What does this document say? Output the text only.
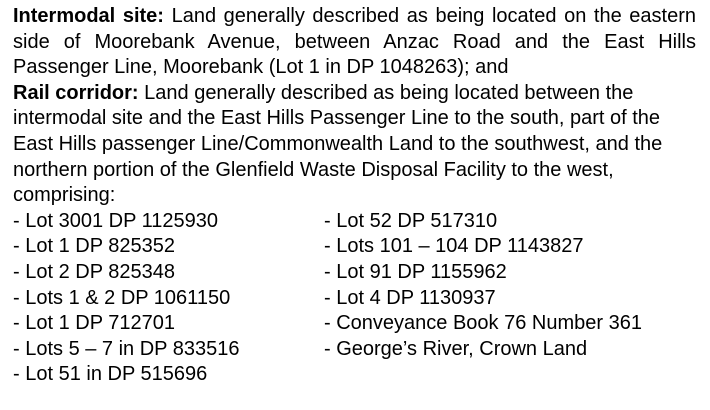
Intermodal site: Land generally described as being located on the eastern side of Moorebank Avenue, between Anzac Road and the East Hills Passenger Line, Moorebank (Lot 1 in DP 1048263); and

Rail corridor: Land generally described as being located between the intermodal site and the East Hills Passenger Line to the south, part of the East Hills passenger Line/Commonwealth Land to the southwest, and the northern portion of the Glenfield Waste Disposal Facility to the west, comprising:

- Lot 3001 DP 1125930
- Lot 1 DP 825352
- Lot 2 DP 825348
- Lots 1 & 2 DP 1061150
- Lot 1 DP 712701
- Lots 5 – 7 in DP 833516
- Lot 51 in DP 515696
- Lot 52 DP 517310
- Lots 101 – 104 DP 1143827
- Lot 91 DP 1155962
- Lot 4 DP 1130937
- Conveyance Book 76 Number 361
- George’s River, Crown Land
